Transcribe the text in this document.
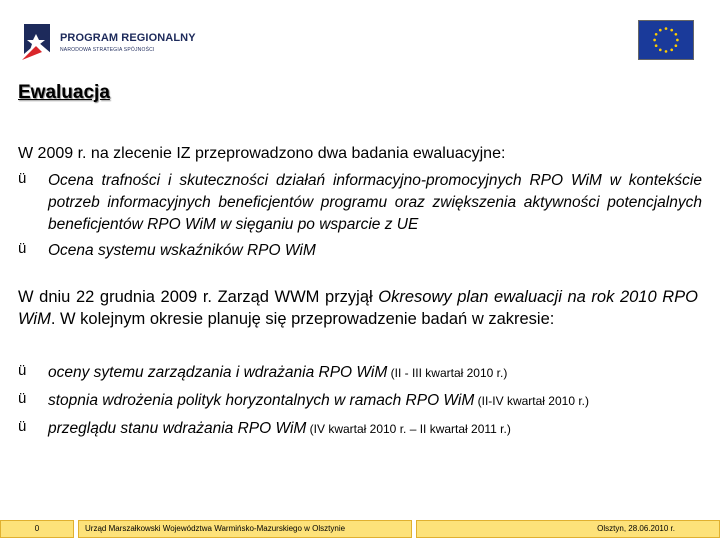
PROGRAM REGIONALNY
NARODOWA STRATEGIA SPÓJNOŚCI
Ewaluacja
W 2009 r. na zlecenie IZ przeprowadzono dwa badania ewaluacyjne:
ü Ocena trafności i skuteczności działań informacyjno-promocyjnych RPO WiM w kontekście potrzeb informacyjnych beneficjentów programu oraz zwiększenia aktywności potencjalnych beneficjentów RPO WiM w sięganiu po wsparcie z UE
ü Ocena systemu wskaźników RPO WiM
W dniu 22 grudnia 2009 r. Zarząd WWM przyjął Okresowy plan ewaluacji na rok 2010 RPO WiM. W kolejnym okresie planuję się przeprowadzenie badań w zakresie:
ü oceny sytemu zarządzania i wdrażania RPO WiM (II - III kwartał 2010 r.)
ü stopnia wdrożenia polityk horyzontalnych w ramach RPO WiM (II-IV kwartał 2010 r.)
ü przeglądu stanu wdrażania RPO WiM (IV kwartał 2010 r. – II kwartał 2011 r.)
0	Urząd Marszałkowski Województwa Warmińsko-Mazurskiego w Olsztynie	Olsztyn, 28.06.2010 r.
